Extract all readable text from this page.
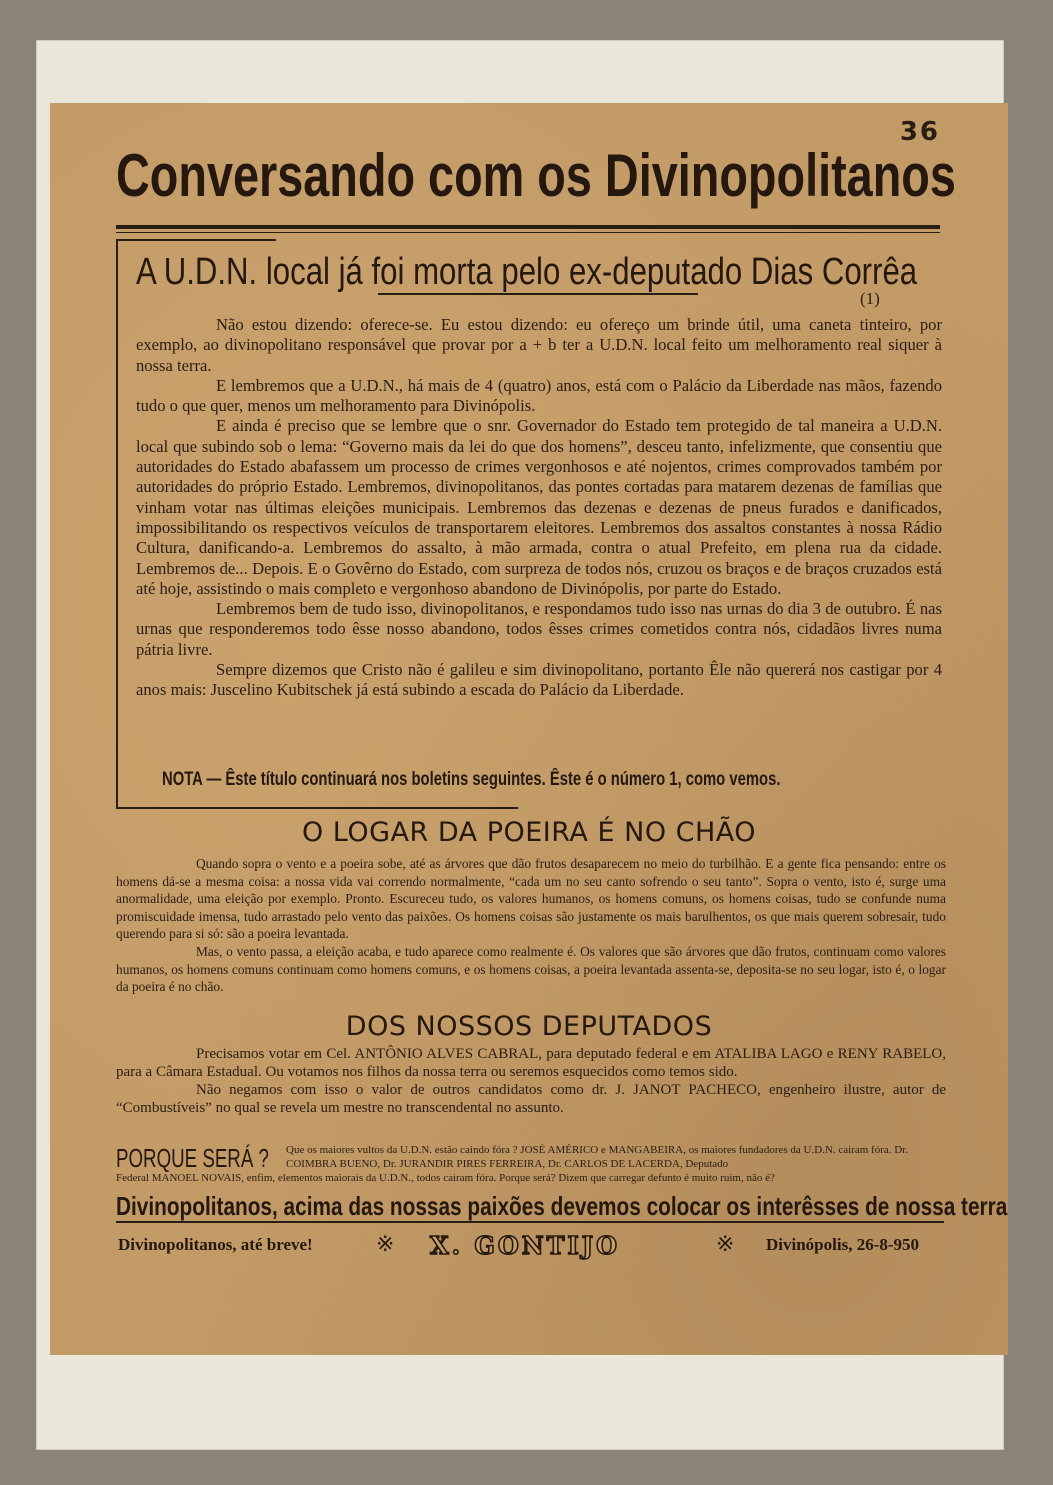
36
Conversando com os Divinopolitanos
A U.D.N. local já foi morta pelo ex-deputado Dias Corrêa
(1)

Não estou dizendo: oferece-se. Eu estou dizendo: eu ofereço um brinde útil, uma caneta tinteiro, por exemplo, ao divinopolitano responsável que provar por a + b ter a U.D.N. local feito um melhoramento real siquer à nossa terra.

E lembremos que a U.D.N., há mais de 4 (quatro) anos, está com o Palácio da Liberdade nas mãos, fazendo tudo o que quer, menos um melhoramento para Divinópolis.

E ainda é preciso que se lembre que o snr. Governador do Estado tem protegido de tal maneira a U.D.N. local que subindo sob o lema: “Governo mais da lei do que dos homens”, desceu tanto, infelizmente, que consentiu que autoridades do Estado abafassem um processo de crimes vergonhosos e até nojentos, crimes comprovados também por autoridades do próprio Estado. Lembremos, divinopolitanos, das pontes cortadas para matarem dezenas de famílias que vinham votar nas últimas eleições municipais. Lembremos das dezenas e dezenas de pneus furados e danificados, impossibilitando os respectivos veículos de transportarem eleitores. Lembremos dos assaltos constantes à nossa Rádio Cultura, danificando-a. Lembremos do assalto, à mão armada, contra o atual Prefeito, em plena rua da cidade. Lembremos de... Depois. E o Govêrno do Estado, com surpreza de todos nós, cruzou os braços e de braços cruzados está até hoje, assistindo o mais completo e vergonhoso abandono de Divinópolis, por parte do Estado.

Lembremos bem de tudo isso, divinopolitanos, e respondamos tudo isso nas urnas do dia 3 de outubro. É nas urnas que responderemos todo êsse nosso abandono, todos êsses crimes cometidos contra nós, cidadãos livres numa pátria livre.

Sempre dizemos que Cristo não é galileu e sim divinopolitano, portanto Êle não quererá nos castigar por 4 anos mais: Juscelino Kubitschek já está subindo a escada do Palácio da Liberdade.

NOTA — Êste título continuará nos boletins seguintes. Êste é o número 1, como vemos.
O LOGAR DA POEIRA É NO CHÃO

Quando sopra o vento e a poeira sobe, até as árvores que dão frutos desaparecem no meio do turbilhão. E a gente fica pensando: entre os homens dá-se a mesma coisa: a nossa vida vai correndo normalmente, “cada um no seu canto sofrendo o seu tanto”. Sopra o vento, isto é, surge uma anormalidade, uma eleição por exemplo. Pronto. Escureceu tudo, os valores humanos, os homens comuns, os homens coisas, tudo se confunde numa promiscuidade imensa, tudo arrastado pelo vento das paixões. Os homens coisas são justamente os mais barulhentos, os que mais querem sobresair, tudo querendo para si só: são a poeira levantada.

Mas, o vento passa, a eleição acaba, e tudo aparece como realmente é. Os valores que são árvores que dão frutos, continuam como valores humanos, os homens comuns continuam como homens comuns, e os homens coisas, a poeira levantada assenta-se, deposita-se no seu logar, isto é, o logar da poeira é no chão.

DOS NOSSOS DEPUTADOS

Precisamos votar em Cel. ANTÔNIO ALVES CABRAL, para deputado federal e em ATALIBA LAGO e RENY RABELO, para a Câmara Estadual. Ou votamos nos filhos da nossa terra ou seremos esquecidos como temos sido.

Não negamos com isso o valor de outros candidatos como dr. J. JANOT PACHECO, engenheiro ilustre, autor de “Combustíveis” no qual se revela um mestre no transcendental no assunto.

PORQUE SERÁ ? Que os maiores vultos da U.D.N. estão caindo fóra ? JOSÉ AMÉRICO e MANGABEIRA, os maiores fundadores da U.D.N. cairam fóra. Dr. COIMBRA BUENO, Dr. JURANDIR PIRES FERREIRA, Dr. CARLOS DE LACERDA, Deputado
Federal MANOEL NOVAIS, enfim, elementos maiorais da U.D.N., todos cairam fóra. Porque será? Dizem que carregar defunto é muito ruim, não é?
Divinopolitanos, acima das nossas paixões devemos colocar os interêsses de nossa terra
Divinopolitanos, até breve!	※ X. GONTIJO	※ Divinópolis, 26-8-950
